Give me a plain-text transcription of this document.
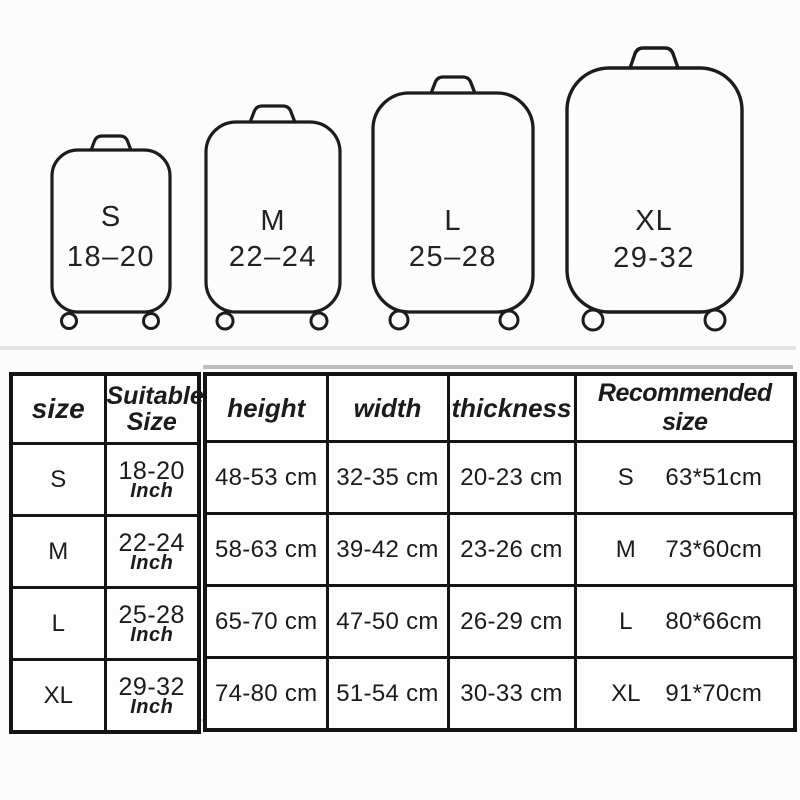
S
18–20
M
22–24
L
25–28
XL
29-32
size	Suitable
Size

S	18-20
Inch

M	22-24
Inch

L	25-28
Inch

XL	29-32
Inch
height	width	thickness	Recommended size
48-53 cm	32-35 cm	20-23 cm	S 63*51cm

58-63 cm	39-42 cm	23-26 cm	M 73*60cm

65-70 cm	47-50 cm	26-29 cm	L 80*66cm

74-80 cm	51-54 cm	30-33 cm	XL 91*70cm
